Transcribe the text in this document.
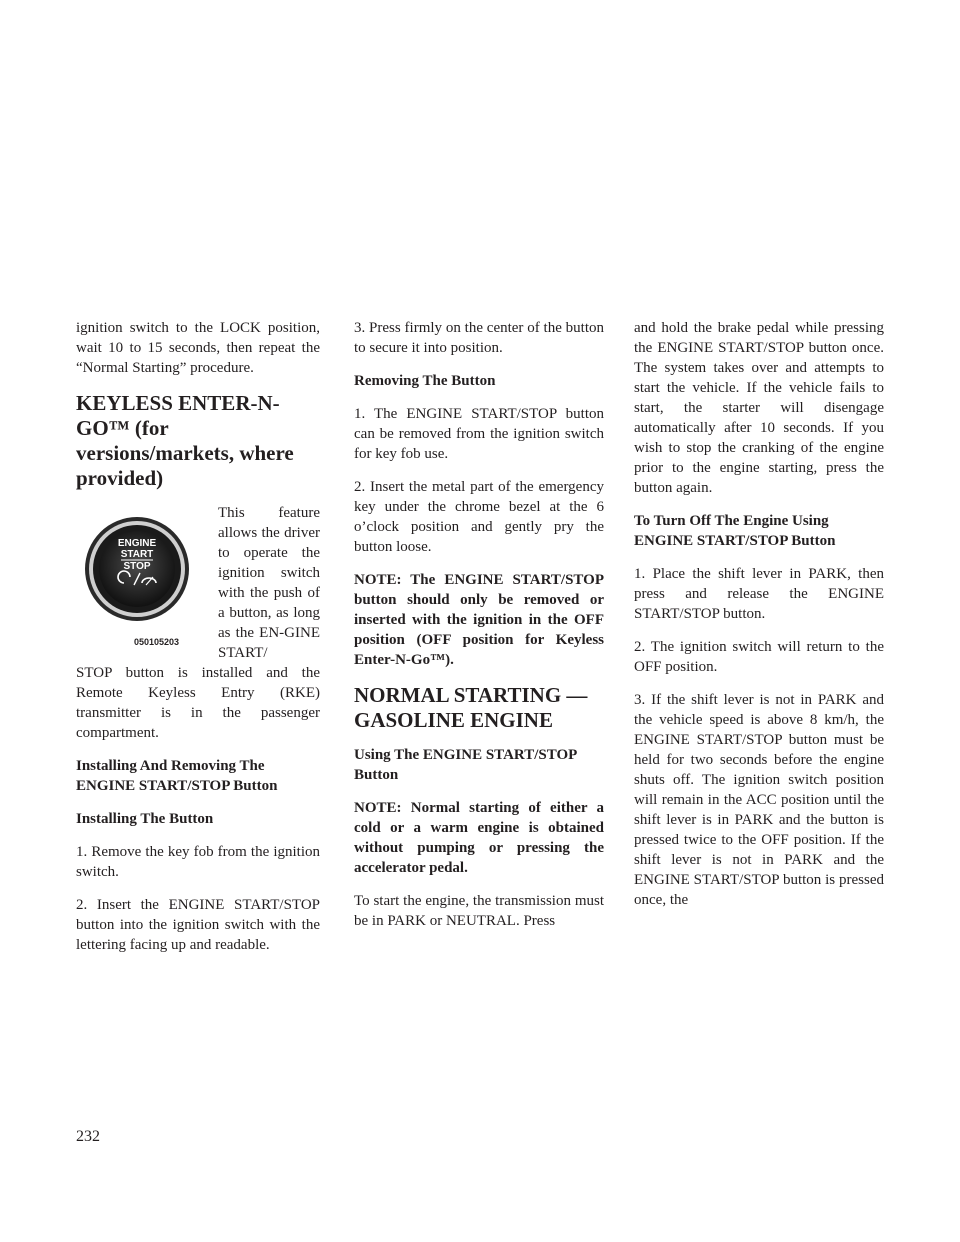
ignition switch to the LOCK position, wait 10 to 15 seconds, then repeat the “Normal Starting” procedure.

KEYLESS ENTER-N-GO™ (for versions/markets, where provided)
ENGINE
START
STOP
050105203

This feature allows the driver to operate the ignition switch with the push of a button, as long as the EN-GINE START/

STOP button is installed and the Remote Keyless Entry (RKE) transmitter is in the passenger compartment.

Installing And Removing The ENGINE START/STOP Button
Installing The Button

1. Remove the key fob from the ignition switch.

2. Insert the ENGINE START/STOP button into the ignition switch with the lettering facing up and readable.

3. Press firmly on the center of the button to secure it into position.

Removing The Button

1. The ENGINE START/STOP button can be removed from the ignition switch for key fob use.

2. Insert the metal part of the emergency key under the chrome bezel at the 6 o’clock position and gently pry the button loose.

NOTE: The ENGINE START/STOP button should only be removed or inserted with the ignition in the OFF position (OFF position for Keyless Enter-N-Go™).

NORMAL STARTING — GASOLINE ENGINE
Using The ENGINE START/STOP Button

NOTE: Normal starting of either a cold or a warm engine is obtained without pumping or pressing the accelerator pedal.

To start the engine, the transmission must be in PARK or NEUTRAL. Press

and hold the brake pedal while pressing the ENGINE START/STOP button once. The system takes over and attempts to start the vehicle. If the vehicle fails to start, the starter will disengage automatically after 10 seconds. If you wish to stop the cranking of the engine prior to the engine starting, press the button again.

To Turn Off The Engine Using ENGINE START/STOP Button

1. Place the shift lever in PARK, then press and release the ENGINE START/STOP button.

2. The ignition switch will return to the OFF position.

3. If the shift lever is not in PARK and the vehicle speed is above 8 km/h, the ENGINE START/STOP button must be held for two seconds before the engine shuts off. The ignition switch position will remain in the ACC position until the shift lever is in PARK and the button is pressed twice to the OFF position. If the shift lever is not in PARK and the ENGINE START/STOP button is pressed once, the

232
